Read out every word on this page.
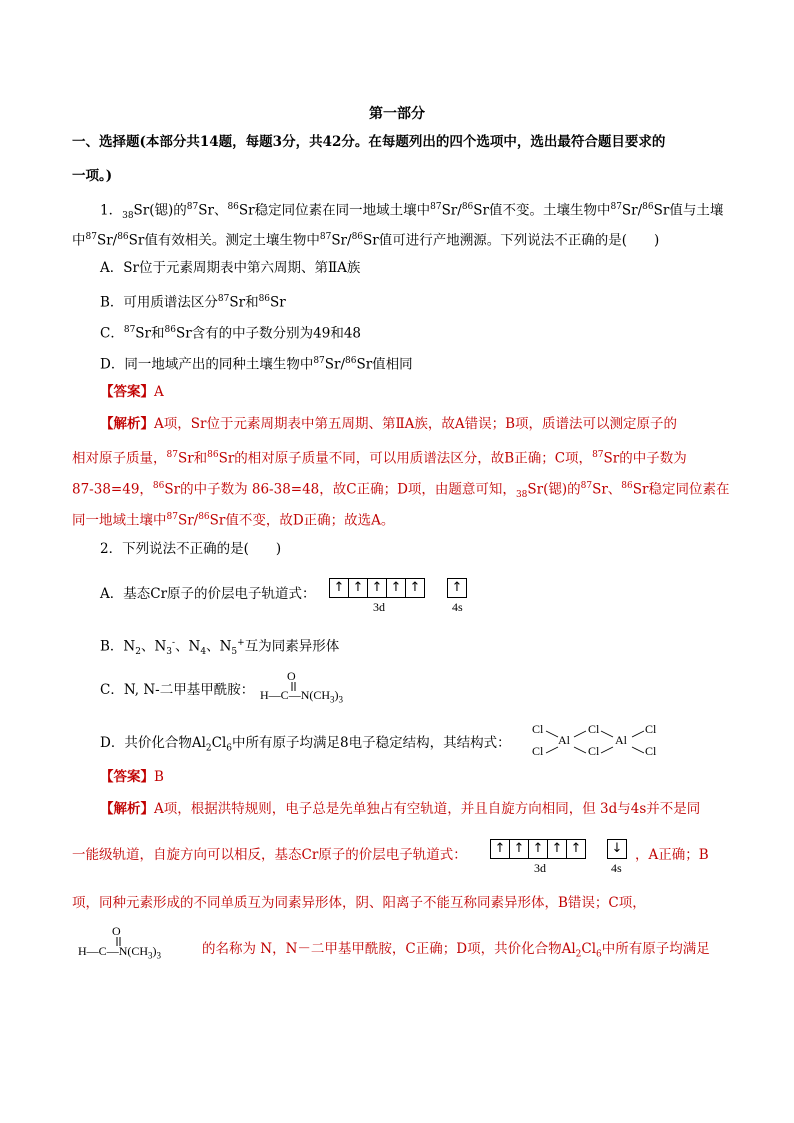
第一部分
一、选择题(本部分共14题，每题3分，共42分。在每题列出的四个选项中，选出最符合题目要求的
一项。)
1．$_{38}$Sr(锶)的$^{87}$Sr、$^{86}$Sr稳定同位素在同一地域土壤中$^{87}$Sr/$^{86}$Sr值不变。土壤生物中$^{87}$Sr/$^{86}$Sr值与土壤
中$^{87}$Sr/$^{86}$Sr值有效相关。测定土壤生物中$^{87}$Sr/$^{86}$Sr值可进行产地溯源。下列说法不正确的是(　　)
A．Sr位于元素周期表中第六周期、第ⅡA族
B．可用质谱法区分$^{87}$Sr和$^{86}$Sr
C．$^{87}$Sr和$^{86}$Sr含有的中子数分别为49和48
D．同一地域产出的同种土壤生物中$^{87}$Sr/$^{86}$Sr值相同
【答案】A
【解析】A项，Sr位于元素周期表中第五周期、第ⅡA族，故A错误；B项，质谱法可以测定原子的
相对原子质量，$^{87}$Sr和$^{86}$Sr的相对原子质量不同，可以用质谱法区分，故B正确；C项，$^{87}$Sr的中子数为
87-38=49，$^{86}$Sr的中子数为 86-38=48，故C正确；D项，由题意可知，$_{38}$Sr(锶)的$^{87}$Sr、$^{86}$Sr稳定同位素在
同一地域土壤中$^{87}$Sr/$^{86}$Sr值不变，故D正确；故选A。
2．下列说法不正确的是(　　)
A．基态Cr原子的价层电子轨道式：	↑ ↑ ↑ ↑ ↑	↑
3d	4s
B．$N_2$、$N_3^-$、$N_4$、$N_5^+$互为同素异形体
C．N, N-二甲基甲酰胺：
O
$H—C—N(CH_3)_3$
D．共价化合物$Al_2Cl_6$中所有原子均满足8电子稳定结构，其结构式：
Cl
Cl
Al
Cl
Cl
Al
Cl
Cl
【答案】B
【解析】A项，根据洪特规则，电子总是先单独占有空轨道，并且自旋方向相同，但 3d与4s并不是同
一能级轨道，自旋方向可以相反，基态Cr原子的价层电子轨道式：	↑ ↑ ↑ ↑ ↑	↓
3d	4s
，A正确；B
项，同种元素形成的不同单质互为同素异形体，阴、阳离子不能互称同素异形体，B错误；C项，
O
$H—C—N(CH_3)_3$	的名称为 N，N－二甲基甲酰胺，C正确；D项，共价化合物$Al_2Cl_6$中所有原子均满足
